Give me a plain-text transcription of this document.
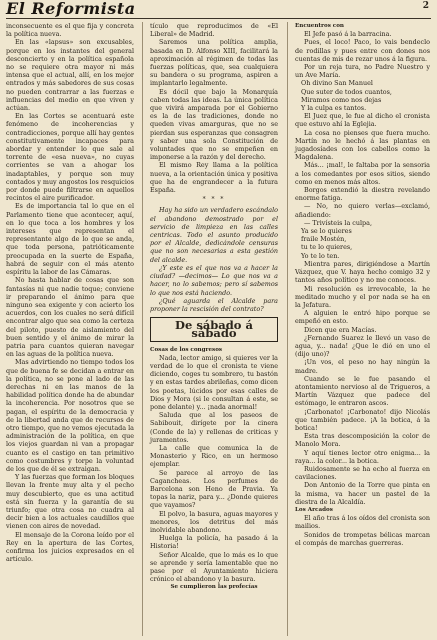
El Reformista	2

inconsecuente es el que fija y concreta la política nueva.

En las «lapsus» son excusables, porque en los instantes del general desconcierto y en la política española no se requiere otra mayor ni más intensa que el actual, allí, en los mejor entrados y más sabedores de sus cosas no pueden contrarrar a las fuerzas e influencias del medio en que viven y actúan.

En las Cortes se acentuará este fenómeno de incoherencias y contradicciones, porque allí hay gentes constitutivamente incapaces para abordar y entender lo que sale al torrente de «esa nueva», no cuyas corrientes se van a ahogar los inadaptables, y porque son muy contados y muy angostos los resquicios por donde puede filtrarse en aquellos recintos el aire purificador.

Es de importancia tal lo que en el Parlamento tiene que acontecer, aquí, en lo que toca a los hombres y los intereses que representan el representante algo de lo que se anda, que toda persona, patrióticamente preocupada en la suerte de España, habrá de seguir con el más atento espíritu la labor de las Cámaras.

No hasta hablar de cosas que son fantasías ni que nadie toque; conviene ir preparando el ánimo para que ninguno sea exigente y con acierto los acuerdos, con los cuales no será difícil encontrar algo que sea como la certeza del piloto, puesto de aislamiento del buen sentido y el ánimo de mirar la patria para cuantos quieran navegar en las aguas de la política nueva.

Mas advirtiendo no tiempo todos los que de buena fe se decidan a entrar en la política, no se pone al lado de las derechas ni en las manos de la habilidad política donde ha de abundar la incoherencia. Por nosotros que se pagan, el espíritu de la democracia y de la libertad anda que de recursos de otro tiempo, que no vemos ejecutada la administración de la política, en que los viejos guardan ni van a propagar cuanto es el castigo en tan primitivo como costumbres y torpe la voluntad de los que de él se extraigan.

Y las fuerzas que forman los bloques llevan la frente muy alta y el pecho muy descubierto, que es una actitud está sin fuerza y la garantía de su triunfo; que otra cosa no cuadra al decir bien a los actuales caudillos que vienen con aires de novedad.

El mensaje de la Corona leído por el Rey en la apertura de las Cortes, confirma los juicios expresados en el artículo.

tículo que reproducimos de «El Liberal» de Madrid.

Saremos una política amplia, basada en D. Alfonso XIII, facilitará la aproximación al régimen de todas las fuerzas políticas, que, sea cualquiera su bandera o su programa, aspiren a implantarlo legalmente.

Es dócil que bajo la Monarquía caben todas las ideas. La única política que vivirá amparada por el Gobierno es la de las tradiciones, donde no queden vivas amarguras, que no se pierdan sus esperanzas que consagren y saber una sola Constitución de voluntades que no se empeñen en imponerse a la razón y del derecho.

El mismo Rey llama a la política nueva, a la orientación única y positiva que ha de engrandecer a la futura España.

* * *

Hay ha sido un verdadero escándalo el abandono demostrado por el servicio de limpieza en las calles centricas. Todo el asunto producido por el Alcalde, dedicándole censuras que no son necesarias a esta gestión del alcalde.

¿Y este es el que nos va a hacer la ciudad? —decimos— Lo que nos va a hacer, no lo sabemos; pero sí sabemos lo que nos está haciendo.

¿Qué aguarda el Alcalde para proponer la rescisión del contrato?

De sábado á sábado

Cosas de los congresos

Nada, lector amigo, si quieres ver la verdad de lo que el cronista te viene diciendo, coges tu sombrero, tu bastón y en estas tardes abrileñas, como dicen los poetas, lúcidos por esas calles de Dios y Mora (si le consultan á este, se pone delante) y... ¡nada anormal!

Saluda que al los paseos de Sabibouit, dirígete por la cinera (Conde de la) y rellenas de criticas y juramentos.

La calle que comunica la de Monasterio y Rico, en un hermoso ejemplar.

Se parece al arroyo de las Cagancheas. Los perfumes de Barcelona son Heno de Pravia. Ya topas la nariz, para y... ¿Donde quieres que vayamos?

El polvo, la basura, aguas mayores y menores, los detritus del más inolvidable abandono.

Huelga la policía, ha pasado á la Historia!

Señor Alcalde, que lo más es lo que se aprende y sería lamentable que no pase por el Ayuntamiento hiciera crónico el abandono y la basura.

Se cumplieron las profecías

Encuentros con

El Jefe pasó á la barracina.

Pues, el loco! Paco, lo vais bendeclo de rodillas y pues entre con dones nos cuentas de mis de rezar unos á la figura.

Por un reja tura, no Padre Nuestro y un Ave María.

Oh divino San Manuel

Que suter de todos cuantos,

Miramos como nos dejas

Y la culpa es tantos.

El Juez que, le fue al dicho el cronista que estuvo ahí la Eglejia.

La cosa no pienses que fuera mucho. Martín no le hechó á las plantas en jugadosíades con los cabellos como la Magdalena.

Más... ¡mal!, le faltaba por la sensoria a los comedantes por esos sitios, siendo como en menos más altos.

Borgos extendió la diestra revelando enorme fatiga.

— No, no quiero verlas—exclamó, añadiendo:

— Trivísteis la culpa,

Ya se lo quieres

fraile Mostén,

tu te lo quieres,

Yo te lo ten.

Mientra pares, dirigiéndose a Martín Vázquez, que V. haya hecho comigo 32 y tantos años político y no me conoces.

Mi resolución es irrevocable, la he meditado mucho y el por nada se ha en la Jefatura.

A alguien le entró hipo porque se empeñó en esto.

Dicen que era Macías.

¿Fernando Suarez le llevó un vaso de agua, y... nada! ¿Que le dió en uno el (dijo uno)?

¡Un vos, el peso no hay ningún la madre.

Cuando se le fue pasando el atontamiento nervioso al de Trigueros, a Martín Vázquez que padece del estómago, le entraron ascos.

¡Carbonato! ¡Carbonato! dijo Nicolás que también padece. ¡A la botica, á la botica!

Esta tras descomposición la color de Manolo Mora.

Y aquí tienes lector otro enigma... la raya... la color... la botica.

Ruidosamente se ha echo al fuerza en cavilaciones.

Don Antonio de la Torre que pinta en la misma, va hacer un pastel de la diestra de la Alcaldía.

Los Arcados

El año tras á los oídos del cronista son mailios.

Sonidos de trompetas bélicas marcan el compás de marchas guerreras.
